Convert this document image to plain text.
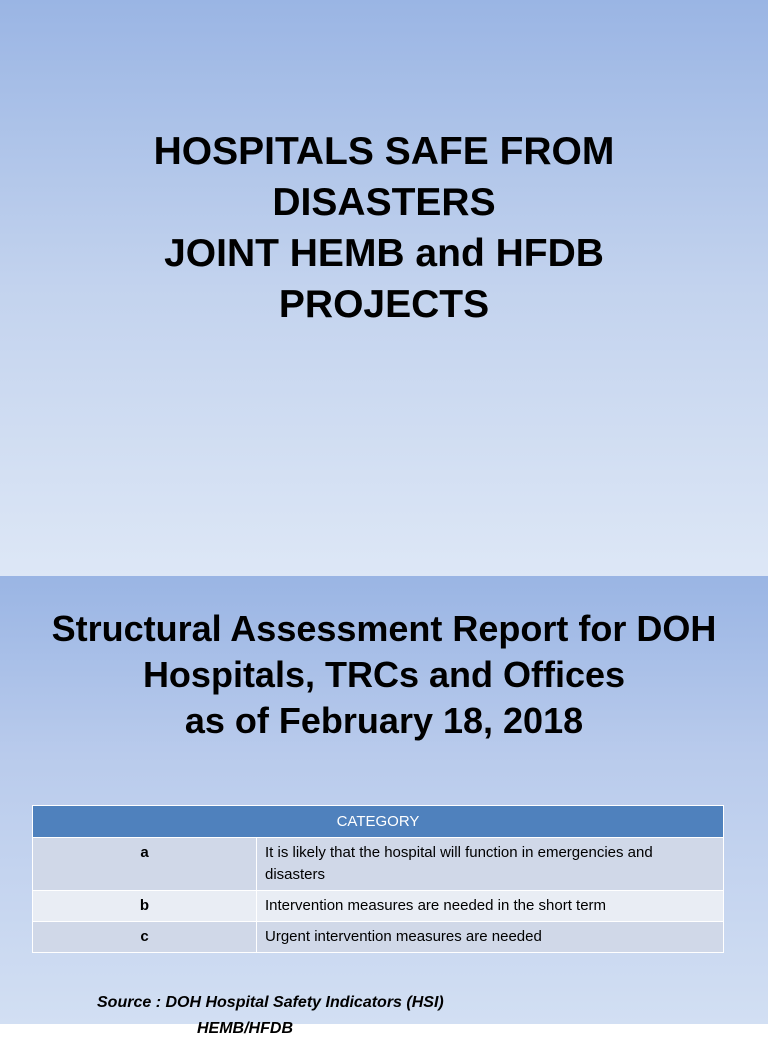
HOSPITALS SAFE FROM
DISASTERS
JOINT HEMB and HFDB
PROJECTS
Structural Assessment Report for DOH
Hospitals, TRCs and Offices
as of February 18, 2018
CATEGORY	
a	It is likely that the hospital will function in emergencies and disasters
b	Intervention measures are needed in the short term
c	Urgent intervention measures are needed
Source : DOH Hospital Safety Indicators (HSI)
HEMB/HFDB
